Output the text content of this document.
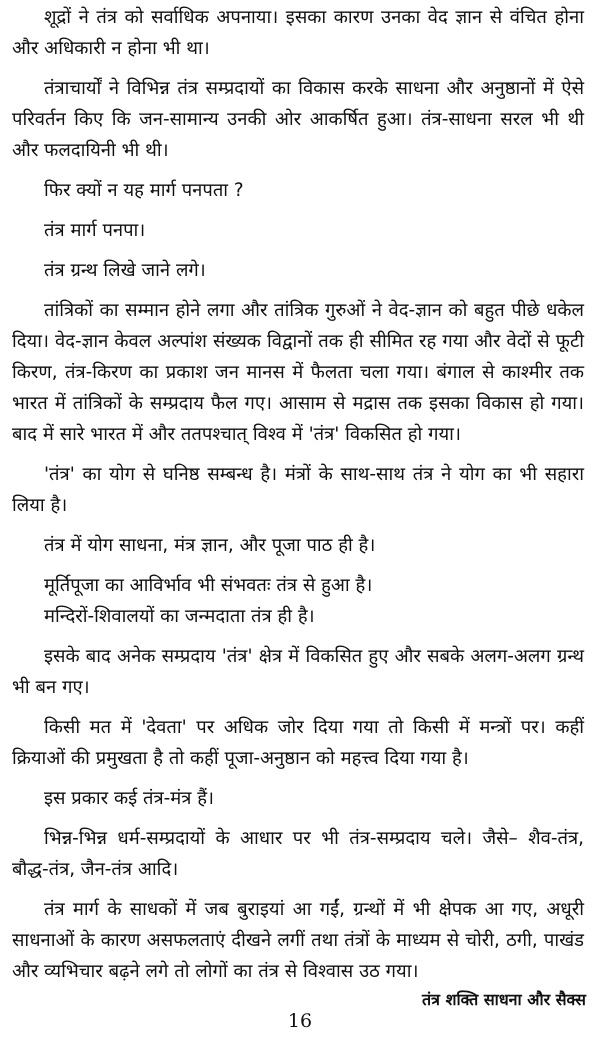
शूद्रों ने तंत्र को सर्वाधिक अपनाया। इसका कारण उनका वेद ज्ञान से वंचित होना और अधिकारी न होना भी था।

तंत्राचार्यों ने विभिन्न तंत्र सम्प्रदायों का विकास करके साधना और अनुष्ठानों में ऐसे परिवर्तन किए कि जन-सामान्य उनकी ओर आकर्षित हुआ। तंत्र-साधना सरल भी थी और फलदायिनी भी थी।

फिर क्यों न यह मार्ग पनपता ?

तंत्र मार्ग पनपा।

तंत्र ग्रन्थ लिखे जाने लगे।

तांत्रिकों का सम्मान होने लगा और तांत्रिक गुरुओं ने वेद-ज्ञान को बहुत पीछे धकेल दिया। वेद-ज्ञान केवल अल्पांश संख्यक विद्वानों तक ही सीमित रह गया और वेदों से फूटी किरण, तंत्र-किरण का प्रकाश जन मानस में फैलता चला गया। बंगाल से काश्मीर तक भारत में तांत्रिकों के सम्प्रदाय फैल गए। आसाम से मद्रास तक इसका विकास हो गया। बाद में सारे भारत में और ततपश्चात् विश्व में 'तंत्र' विकसित हो गया।

'तंत्र' का योग से घनिष्ठ सम्बन्ध है। मंत्रों के साथ-साथ तंत्र ने योग का भी सहारा लिया है।

तंत्र में योग साधना, मंत्र ज्ञान, और पूजा पाठ ही है।

मूर्तिपूजा का आविर्भाव भी संभवतः तंत्र से हुआ है।

मन्दिरों-शिवालयों का जन्मदाता तंत्र ही है।

इसके बाद अनेक सम्प्रदाय 'तंत्र' क्षेत्र में विकसित हुए और सबके अलग-अलग ग्रन्थ भी बन गए।

किसी मत में 'देवता' पर अधिक जोर दिया गया तो किसी में मन्त्रों पर। कहीं क्रियाओं की प्रमुखता है तो कहीं पूजा-अनुष्ठान को महत्त्व दिया गया है।

इस प्रकार कई तंत्र-मंत्र हैं।

भिन्न-भिन्न धर्म-सम्प्रदायों के आधार पर भी तंत्र-सम्प्रदाय चले। जैसे– शैव-तंत्र, बौद्ध-तंत्र, जैन-तंत्र आदि।

तंत्र मार्ग के साधकों में जब बुराइयां आ गईं, ग्रन्थों में भी क्षेपक आ गए, अधूरी साधनाओं के कारण असफलताएं दीखने लगीं तथा तंत्रों के माध्यम से चोरी, ठगी, पाखंड और व्यभिचार बढ़ने लगे तो लोगों का तंत्र से विश्वास उठ गया।

तंत्र शक्ति साधना और सैक्स
16
